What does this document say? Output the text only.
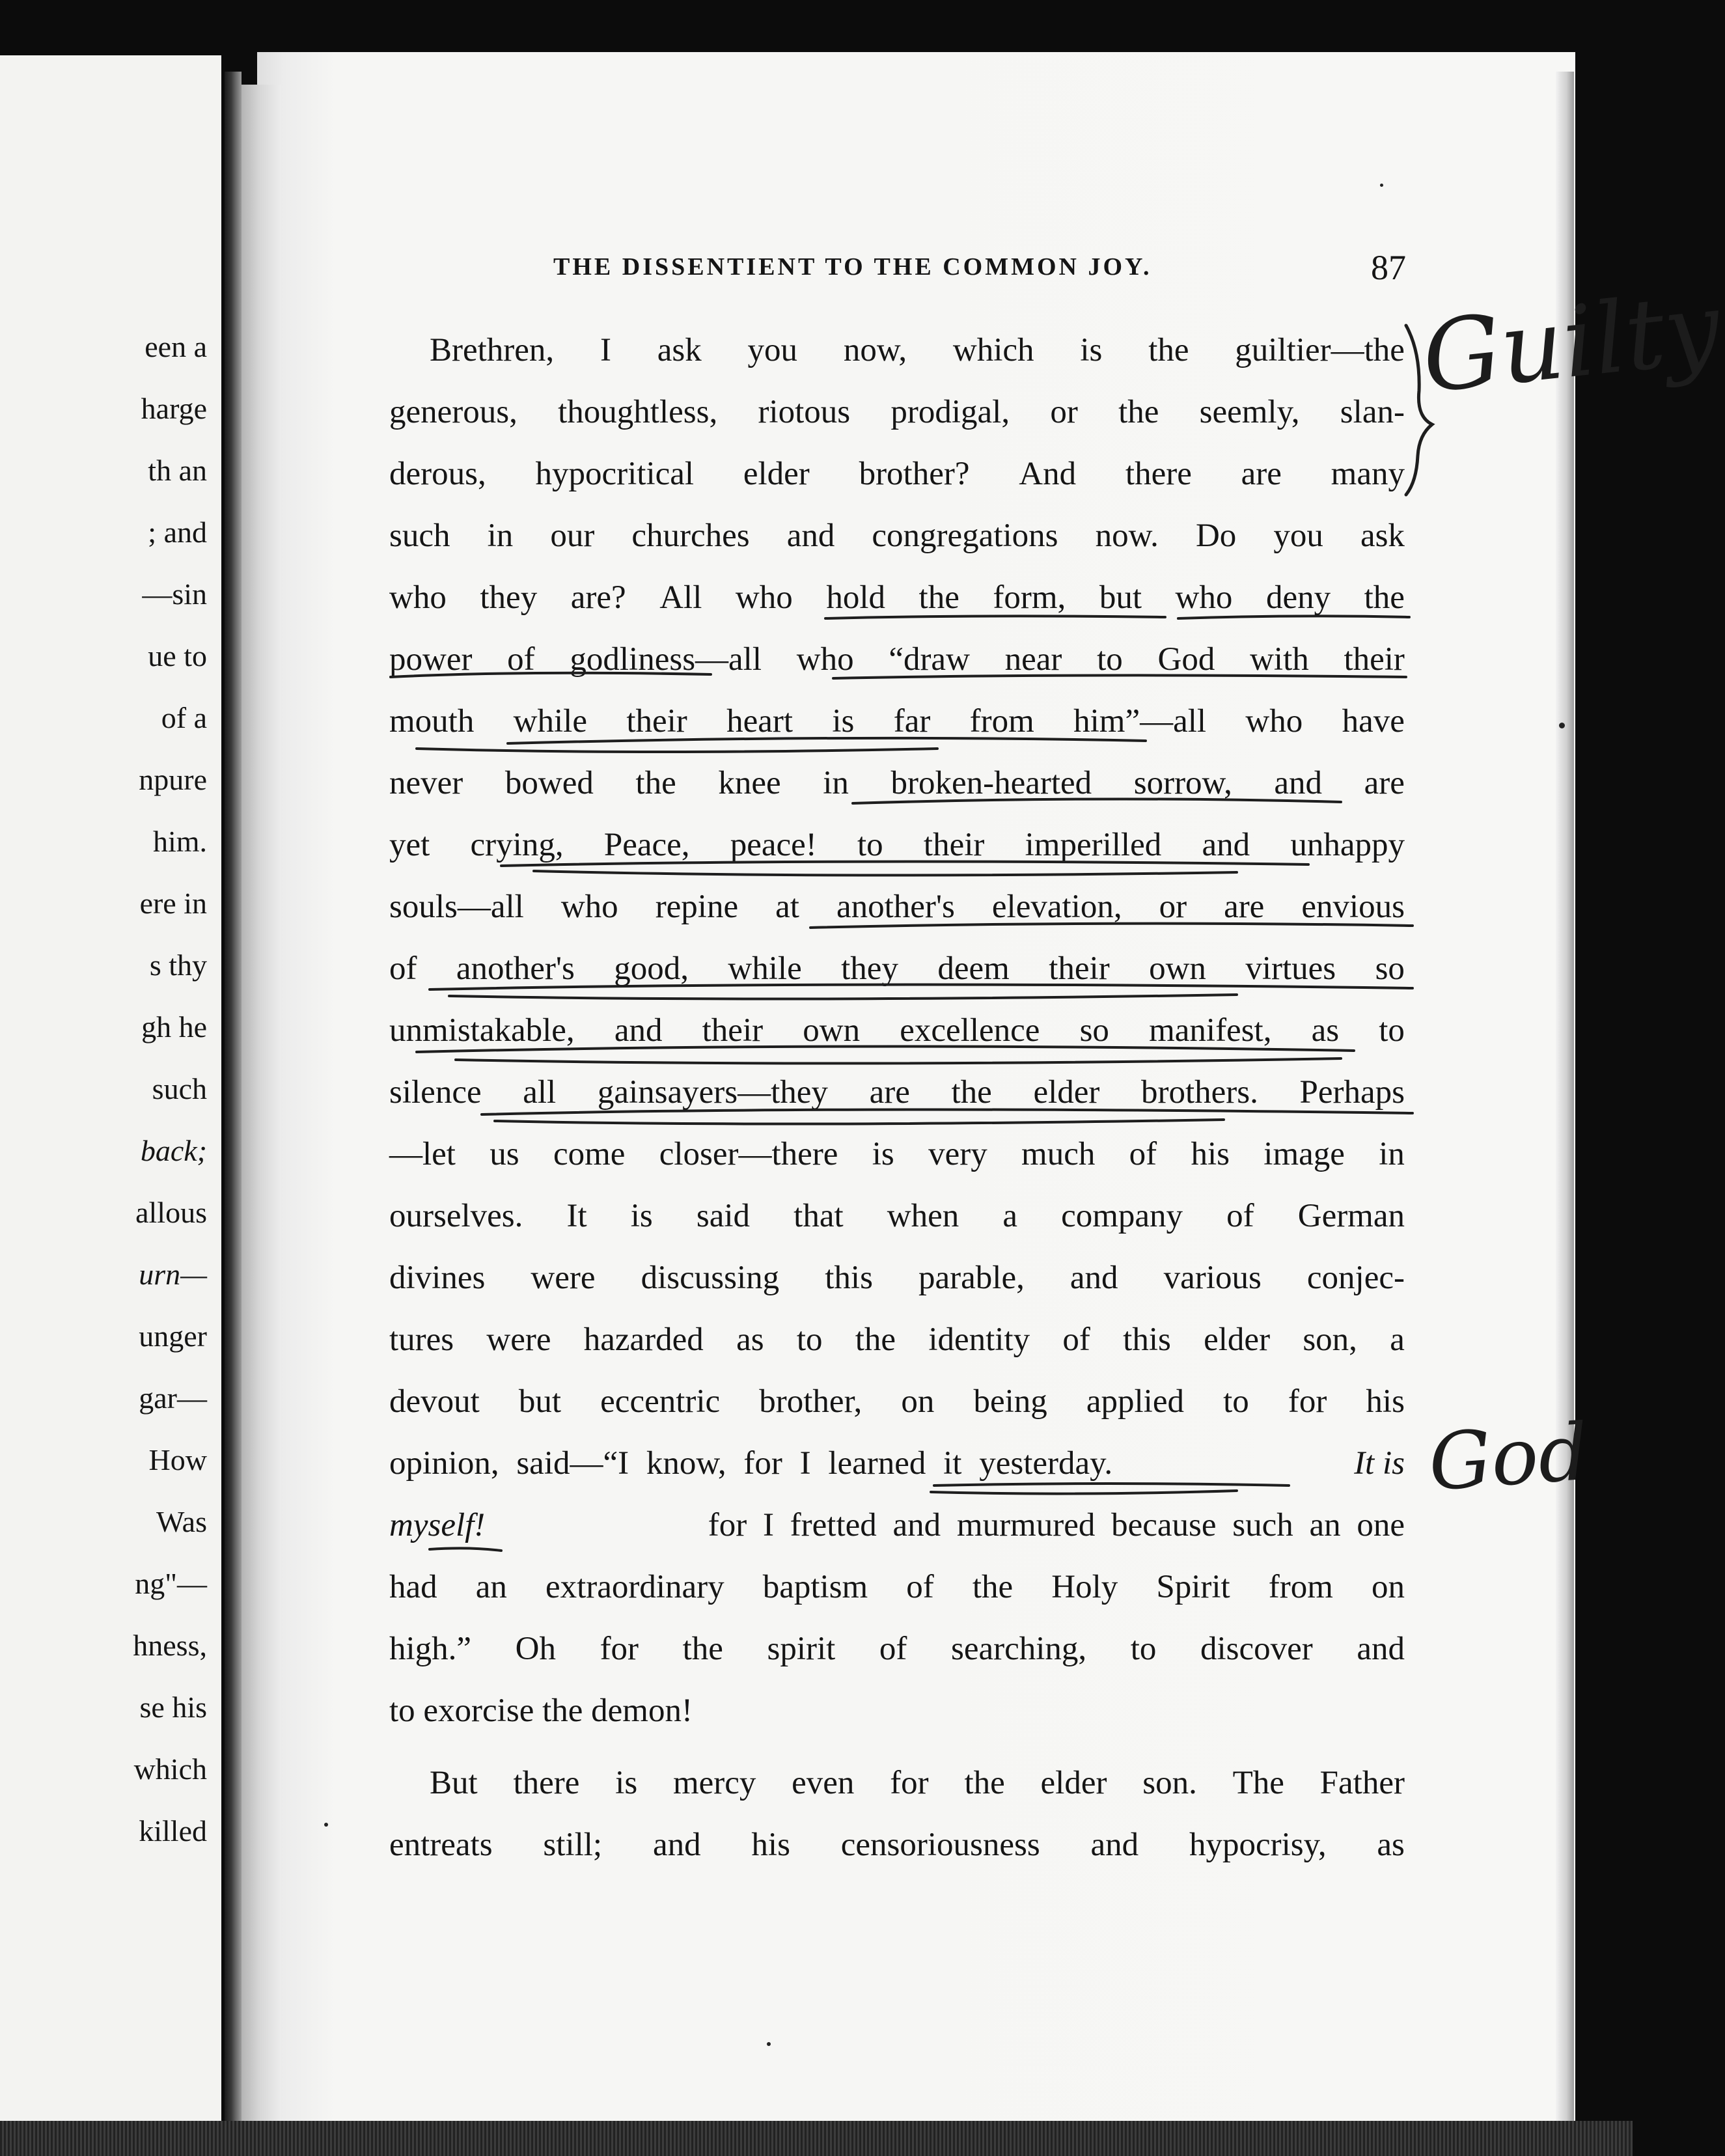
een a
harge
th an
; and
—sin
ue to
of a
npure
him.
ere in
s thy
gh he
such
back;
allous
urn—
unger
gar—
How
Was
ng"—
hness,
se his
which
killed
THE DISSENTIENT TO THE COMMON JOY.	87
Brethren, I ask you now, which is the guiltier—the
generous, thoughtless, riotous prodigal, or the seemly, slan-
derous, hypocritical elder brother? And there are many
such in our churches and congregations now. Do you ask
who they are? All who hold the form, but who deny the
power of godliness—all who “draw near to God with their
mouth while their heart is far from him”—all who have
never bowed the knee in broken-hearted sorrow, and are
yet crying, Peace, peace! to their imperilled and unhappy
souls—all who repine at another's elevation, or are envious
of another's good, while they deem their own virtues so
unmistakable, and their own excellence so manifest, as to
silence all gainsayers—they are the elder brothers. Perhaps
—let us come closer—there is very much of his image in
ourselves. It is said that when a company of German
divines were discussing this parable, and various conjec-
tures were hazarded as to the identity of this elder son, a
devout but eccentric brother, on being applied to for his
opinion, said—“I know, for I learned it yesterday.	It is
myself!	for I fretted and murmured because such an one
had an extraordinary baptism of the Holy Spirit from on
high.” Oh for the spirit of searching, to discover and
to exorcise the demon!
But there is mercy even for the elder son. The Father
entreats still; and his censoriousness and hypocrisy, as
Guilty
God
